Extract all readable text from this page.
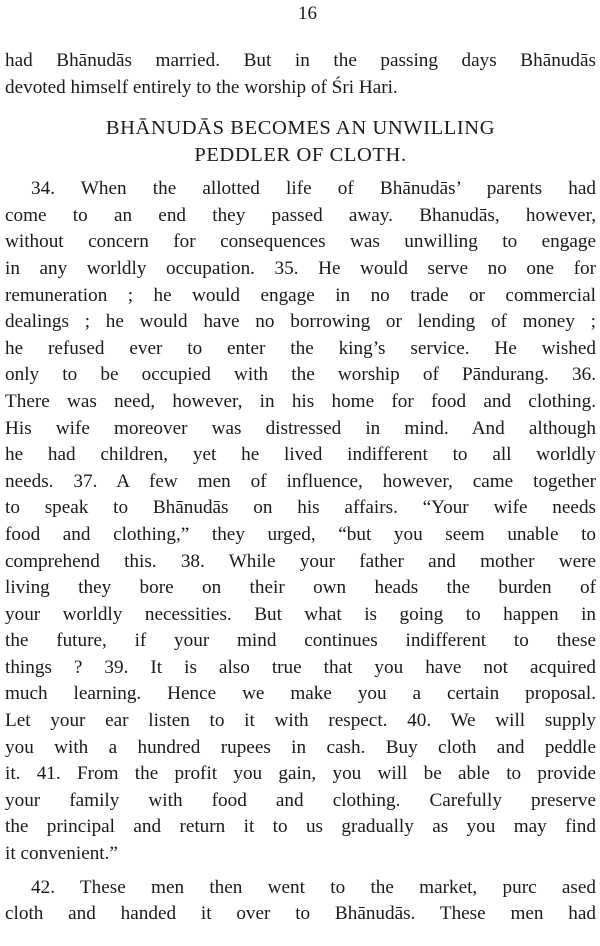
16

had Bhānudās married. But in the passing days Bhānudās
devoted himself entirely to the worship of Śri Hari.

BHĀNUDĀS BECOMES AN UNWILLING
PEDDLER OF CLOTH.

34. When the allotted life of Bhānudās’ parents had
come to an end they passed away. Bhanudās, however,
without concern for consequences was unwilling to engage
in any worldly occupation. 35. He would serve no one for
remuneration ; he would engage in no trade or commercial
dealings ; he would have no borrowing or lending of money ;
he refused ever to enter the king’s service. He wished
only to be occupied with the worship of Pāndurang. 36.
There was need, however, in his home for food and clothing.
His wife moreover was distressed in mind. And although
he had children, yet he lived indifferent to all worldly
needs. 37. A few men of influence, however, came together
to speak to Bhānudās on his affairs. “Your wife needs
food and clothing,” they urged, “but you seem unable to
comprehend this. 38. While your father and mother were
living they bore on their own heads the burden of
your worldly necessities. But what is going to happen in
the future, if your mind continues indifferent to these
things ? 39. It is also true that you have not acquired
much learning. Hence we make you a certain proposal.
Let your ear listen to it with respect. 40. We will supply
you with a hundred rupees in cash. Buy cloth and peddle
it. 41. From the profit you gain, you will be able to provide
your family with food and clothing. Carefully preserve
the principal and return it to us gradually as you may find
it convenient.”

42. These men then went to the market, purc ased
cloth and handed it over to Bhānudās. These men had
